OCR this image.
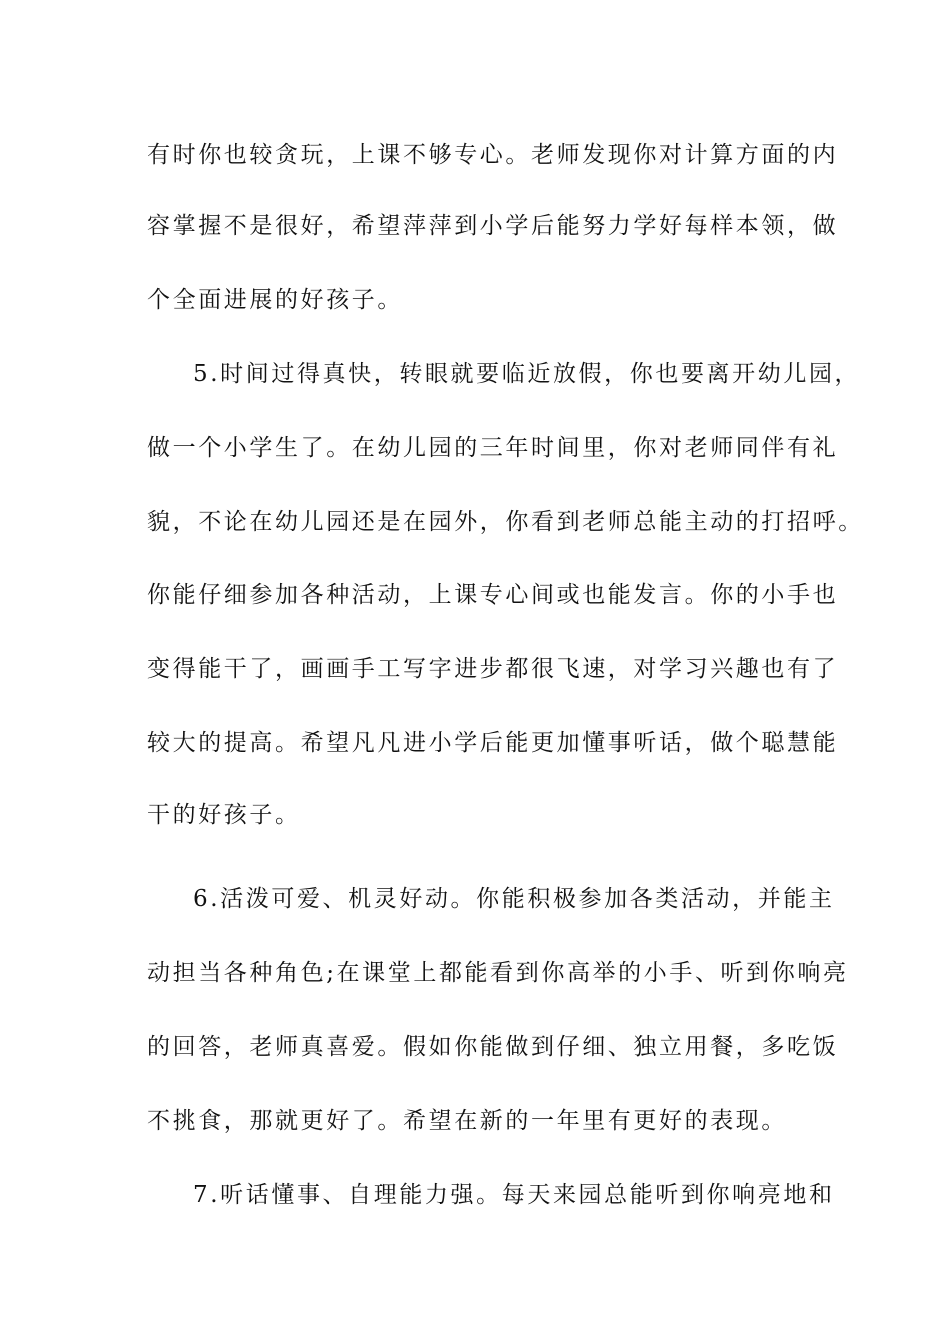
有时你也较贪玩，上课不够专心。老师发现你对计算方面的内
容掌握不是很好，希望萍萍到小学后能努力学好每样本领，做
个全面进展的好孩子。
5.时间过得真快，转眼就要临近放假，你也要离开幼儿园，
做一个小学生了。在幼儿园的三年时间里，你对老师同伴有礼
貌，不论在幼儿园还是在园外，你看到老师总能主动的打招呼。
你能仔细参加各种活动，上课专心间或也能发言。你的小手也
变得能干了，画画手工写字进步都很飞速，对学习兴趣也有了
较大的提高。希望凡凡进小学后能更加懂事听话，做个聪慧能
干的好孩子。
6.活泼可爱、机灵好动。你能积极参加各类活动，并能主
动担当各种角色;在课堂上都能看到你高举的小手、听到你响亮
的回答，老师真喜爱。假如你能做到仔细、独立用餐，多吃饭
不挑食，那就更好了。希望在新的一年里有更好的表现。
7.听话懂事、自理能力强。每天来园总能听到你响亮地和
